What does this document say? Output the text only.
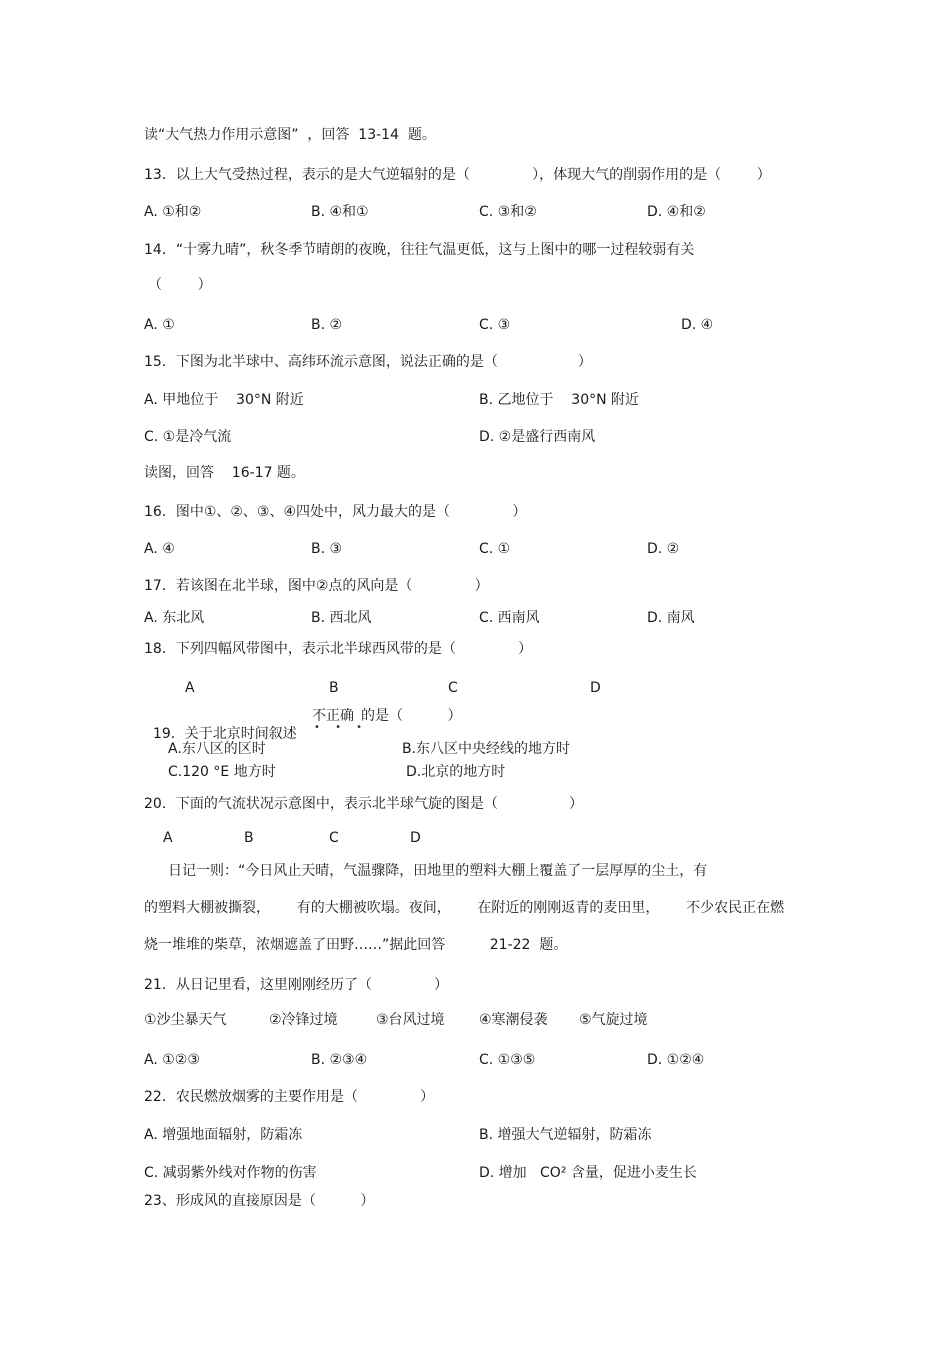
读“大气热力作用示意图”  ，回答  13-14  题。
13．以上大气受热过程，表示的是大气逆辐射的是（              ），体现大气的削弱作用的是（        ）
A. ①和②	B. ④和①	C. ③和②	D. ④和②
14．“十雾九晴”，秋冬季节晴朗的夜晚，往往气温更低，这与上图中的哪一过程较弱有关
（        ）
A. ①	B. ②	C. ③	D. ④
15．下图为北半球中、高纬环流示意图，说法正确的是（                  ）
A. 甲地位于    30°N 附近	B. 乙地位于    30°N 附近
C. ①是冷气流	D. ②是盛行西南风
读图，回答    16-17 题。
16．图中①、②、③、④四处中，风力最大的是（              ）
A. ④	B. ③	C. ①	D. ②
17．若该图在北半球，图中②点的风向是（              ）
A. 东北风	B. 西北风	C. 西南风	D. 南风
18．下列四幅风带图中，表示北半球西风带的是（              ）
A	B	C	D

19．关于北京时间叙述

不正确
• • •
的是（          ）
A.东八区的区时	B.东八区中央经线的地方时
C.120 °E 地方时	D.北京的地方时
20．下面的气流状况示意图中，表示北半球气旋的图是（                ）
A	B	C	D
日记一则：“今日风止天晴，气温骤降，田地里的塑料大棚上覆盖了一层厚厚的尘土，有
的塑料大棚被撕裂，      有的大棚被吹塌。夜间，      在附近的刚刚返青的麦田里，      不少农民正在燃
烧一堆堆的柴草，浓烟遮盖了田野……”据此回答          21-22  题。
21．从日记里看，这里刚刚经历了（              ）
①沙尘暴天气	②冷锋过境	③台风过境 ④寒潮侵袭 ⑤气旋过境
A. ①②③	B. ②③④	C. ①③⑤	D. ①②④
22．农民燃放烟雾的主要作用是（              ）
A. 增强地面辐射，防霜冻	B. 增强大气逆辐射，防霜冻
C. 减弱紫外线对作物的伤害	D. 增加   CO² 含量，促进小麦生长
23、形成风的直接原因是（          ）
